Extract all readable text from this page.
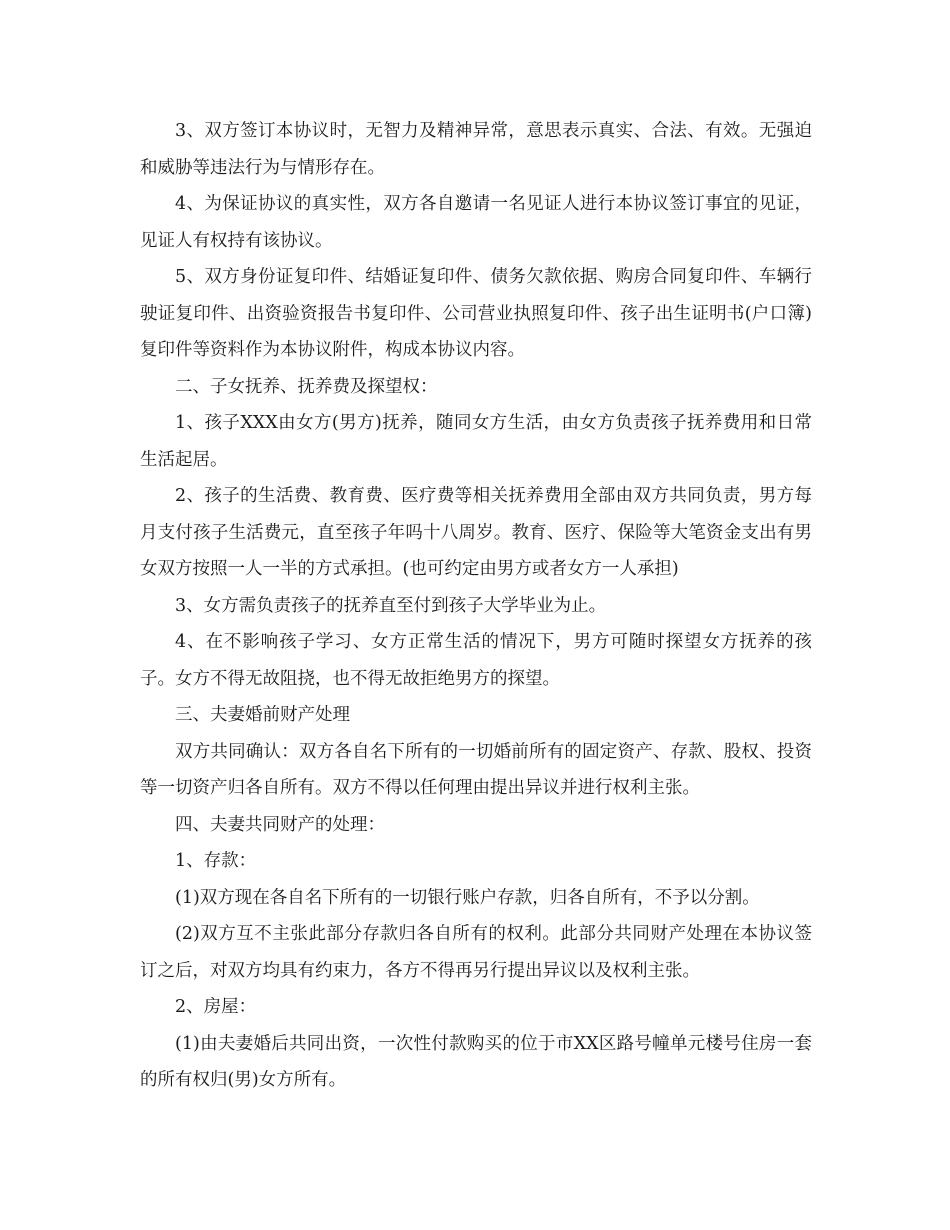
3、双方签订本协议时，无智力及精神异常，意思表示真实、合法、有效。无强迫和威胁等违法行为与情形存在。

4、为保证协议的真实性，双方各自邀请一名见证人进行本协议签订事宜的见证，见证人有权持有该协议。

5、双方身份证复印件、结婚证复印件、债务欠款依据、购房合同复印件、车辆行驶证复印件、出资验资报告书复印件、公司营业执照复印件、孩子出生证明书(户口簿)复印件等资料作为本协议附件，构成本协议内容。

二、子女抚养、抚养费及探望权：

1、孩子XXX由女方(男方)抚养，随同女方生活，由女方负责孩子抚养费用和日常生活起居。

2、孩子的生活费、教育费、医疗费等相关抚养费用全部由双方共同负责，男方每月支付孩子生活费元，直至孩子年吗十八周岁。教育、医疗、保险等大笔资金支出有男女双方按照一人一半的方式承担。(也可约定由男方或者女方一人承担)

3、女方需负责孩子的抚养直至付到孩子大学毕业为止。

4、在不影响孩子学习、女方正常生活的情况下，男方可随时探望女方抚养的孩子。女方不得无故阻挠，也不得无故拒绝男方的探望。

三、夫妻婚前财产处理

双方共同确认：双方各自名下所有的一切婚前所有的固定资产、存款、股权、投资等一切资产归各自所有。双方不得以任何理由提出异议并进行权利主张。

四、夫妻共同财产的处理：

1、存款：

(1)双方现在各自名下所有的一切银行账户存款，归各自所有，不予以分割。

(2)双方互不主张此部分存款归各自所有的权利。此部分共同财产处理在本协议签订之后，对双方均具有约束力，各方不得再另行提出异议以及权利主张。

2、房屋：

(1)由夫妻婚后共同出资，一次性付款购买的位于市XX区路号幢单元楼号住房一套的所有权归(男)女方所有。
